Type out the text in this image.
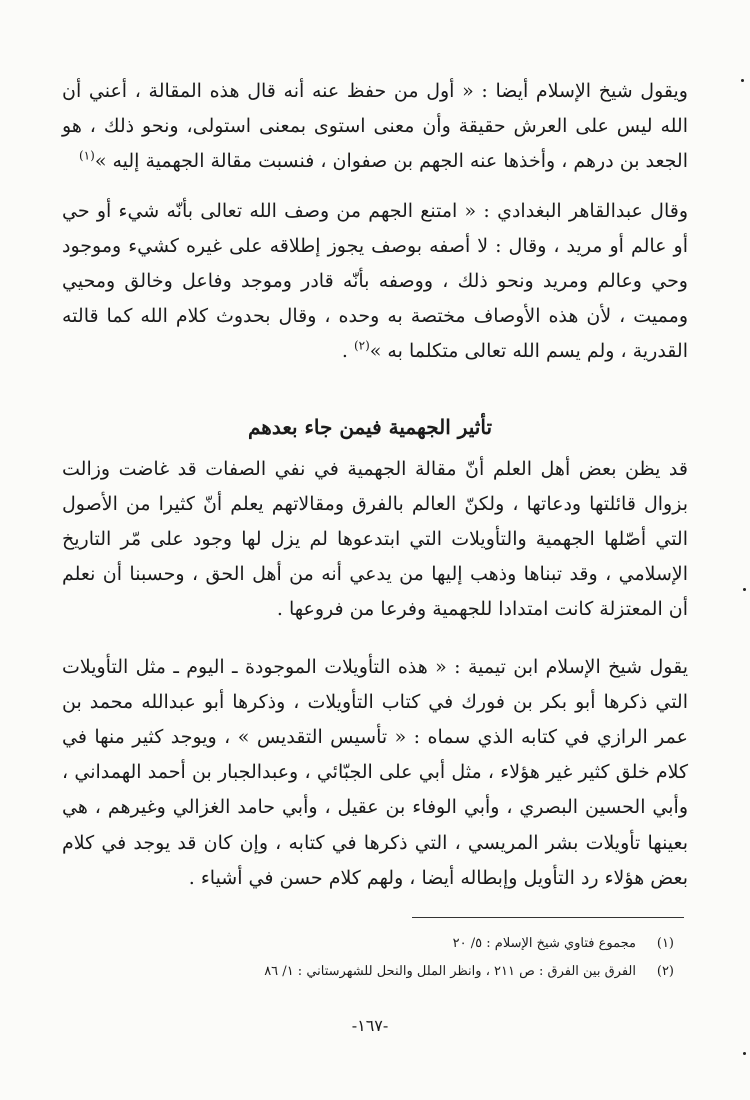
ويقول شيخ الإسلام أيضا : « أول من حفظ عنه أنه قال هذه المقالة ، أعني أن الله ليس على العرش حقيقة وأن معنى استوى بمعنى استولى، ونحو ذلك ، هو الجعد بن درهم ، وأخذها عنه الجهم بن صفوان ، فنسبت مقالة الجهمية إليه »$^{(١)}$

وقال عبدالقاهر البغدادي : « امتنع الجهم من وصف الله تعالى بأنّه شيء أو حي أو عالم أو مريد ، وقال : لا أصفه بوصف يجوز إطلاقه على غيره كشيء وموجود وحي وعالم ومريد ونحو ذلك ، ووصفه بأنّه قادر وموجد وفاعل وخالق ومحيي ومميت ، لأن هذه الأوصاف مختصة به وحده ، وقال بحدوث كلام الله كما قالته القدرية ، ولم يسم الله تعالى متكلما به »$^{(٢)}$ .

تأثير الجهمية فيمن جاء بعدهم

قد يظن بعض أهل العلم أنّ مقالة الجهمية في نفي الصفات قد غاضت وزالت بزوال قائلتها ودعاتها ، ولكنّ العالم بالفرق ومقالاتهم يعلم أنّ كثيرا من الأصول التي أصّلها الجهمية والتأويلات التي ابتدعوها لم يزل لها وجود على مّر التاريخ الإسلامي ، وقد تبناها وذهب إليها من يدعي أنه من أهل الحق ، وحسبنا أن نعلم أن المعتزلة كانت امتدادا للجهمية وفرعا من فروعها .

يقول شيخ الإسلام ابن تيمية : « هذه التأويلات الموجودة ـ اليوم ـ مثل التأويلات التي ذكرها أبو بكر بن فورك في كتاب التأويلات ، وذكرها أبو عبدالله محمد بن عمر الرازي في كتابه الذي سماه : « تأسيس التقديس » ، ويوجد كثير منها في كلام خلق كثير غير هؤلاء ، مثل أبي على الجبّائي ، وعبدالجبار بن أحمد الهمداني ، وأبي الحسين البصري ، وأبي الوفاء بن عقيل ، وأبي حامد الغزالي وغيرهم ، هي بعينها تأويلات بشر المريسي ، التي ذكرها في كتابه ، وإن كان قد يوجد في كلام بعض هؤلاء رد التأويل وإبطاله أيضا ، ولهم كلام حسن في أشياء .

(١)
مجموع فتاوي شيخ الإسلام : ٥/ ٢٠
(٢)
الفرق بين الفرق : ص ٢١١ ، وانظر الملل والنحل للشهرستاني : ١/ ٨٦
-١٦٧-
